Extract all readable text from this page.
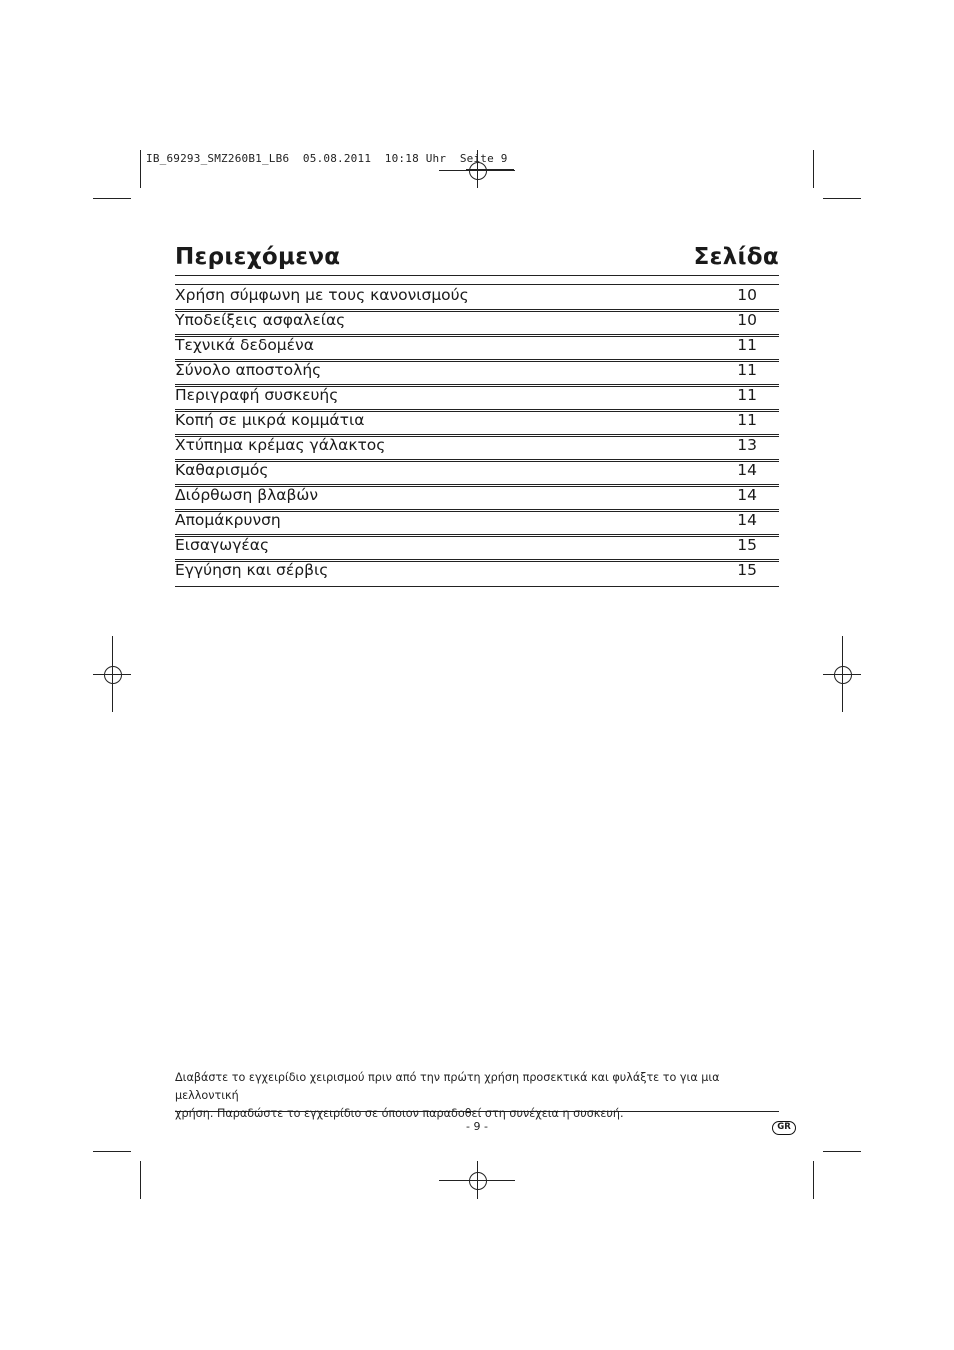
IB_69293_SMZ260B1_LB6  05.08.2011  10:18 Uhr  Seite 9
Περιεχόμενα	Σελίδα
Χρήση σύμφωνη με τους κανονισμούς	10
Υποδείξεις ασφαλείας	10
Τεχνικά δεδομένα	11
Σύνολο αποστολής	11
Περιγραφή συσκευής	11
Κοπή σε μικρά κομμάτια	11
Χτύπημα κρέμας γάλακτος	13
Καθαρισμός	14
Διόρθωση βλαβών	14
Απομάκρυνση	14
Εισαγωγέας	15
Εγγύηση και σέρβις	15
Διαβάστε το εγχειρίδιο χειρισμού πριν από την πρώτη χρήση προσεκτικά και φυλάξτε το για μια μελλοντική
χρήση. Παραδώστε το εγχειρίδιο σε όποιον παραδοθεί στη συνέχεια η συσκευή.
- 9 -	GR
